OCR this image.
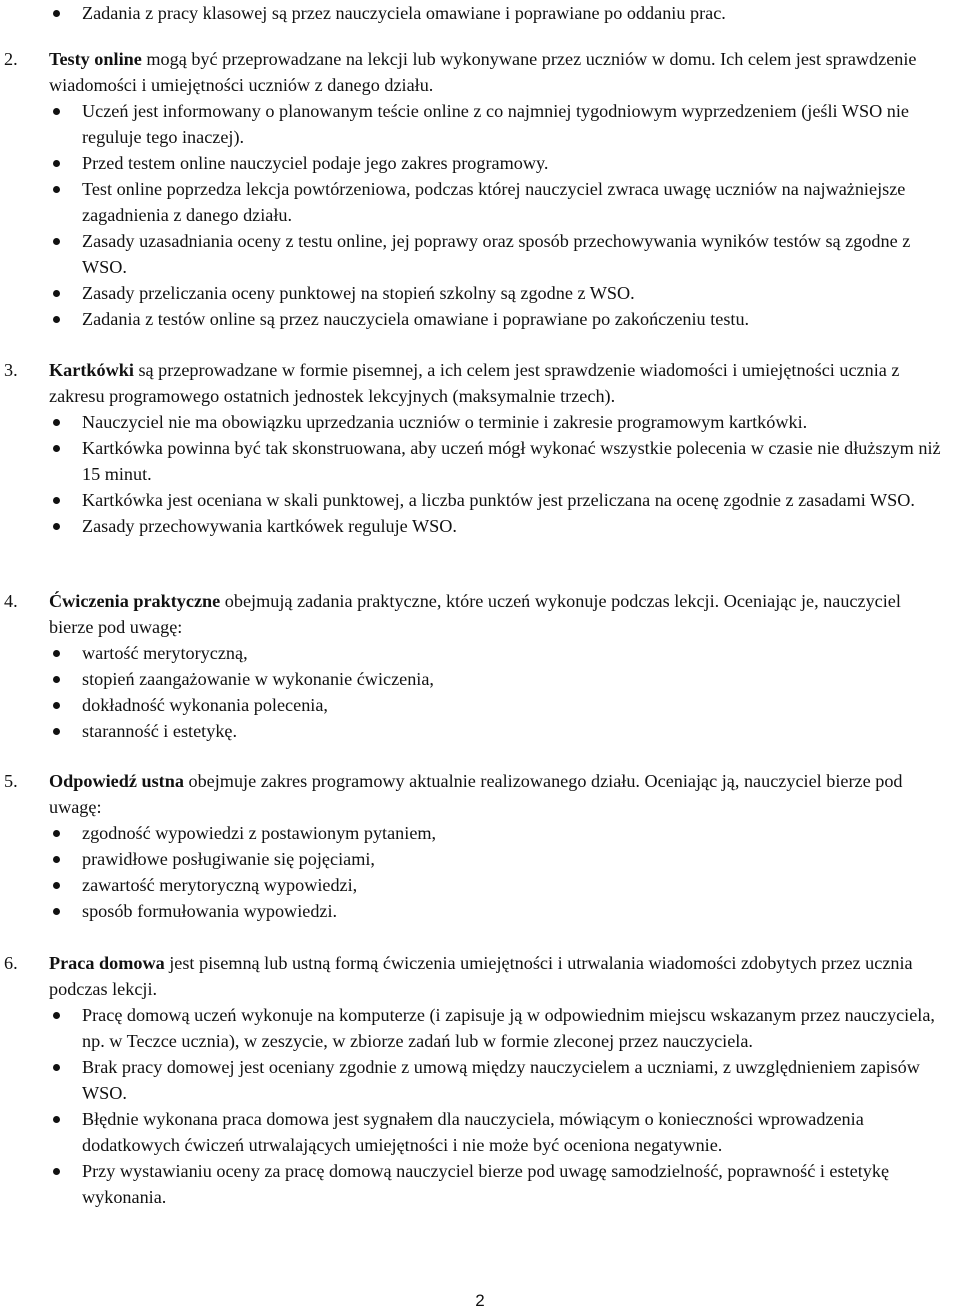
Zadania z pracy klasowej są przez nauczyciela omawiane i poprawiane po oddaniu prac.
2. Testy online mogą być przeprowadzane na lekcji lub wykonywane przez uczniów w domu. Ich celem jest sprawdzenie wiadomości i umiejętności uczniów z danego działu.
Uczeń jest informowany o planowanym teście online z co najmniej tygodniowym wyprzedzeniem (jeśli WSO nie reguluje tego inaczej).
Przed testem online nauczyciel podaje jego zakres programowy.
Test online poprzedza lekcja powtórzeniowa, podczas której nauczyciel zwraca uwagę uczniów na najważniejsze zagadnienia z danego działu.
Zasady uzasadniania oceny z testu online, jej poprawy oraz sposób przechowywania wyników testów są zgodne z WSO.
Zasady przeliczania oceny punktowej na stopień szkolny są zgodne z WSO.
Zadania z testów online są przez nauczyciela omawiane i poprawiane po zakończeniu testu.
3. Kartkówki są przeprowadzane w formie pisemnej, a ich celem jest sprawdzenie wiadomości i umiejętności ucznia z zakresu programowego ostatnich jednostek lekcyjnych (maksymalnie trzech).
Nauczyciel nie ma obowiązku uprzedzania uczniów o terminie i zakresie programowym kartkówki.
Kartkówka powinna być tak skonstruowana, aby uczeń mógł wykonać wszystkie polecenia w czasie nie dłuższym niż 15 minut.
Kartkówka jest oceniana w skali punktowej, a liczba punktów jest przeliczana na ocenę zgodnie z zasadami WSO.
Zasady przechowywania kartkówek reguluje WSO.
4. Ćwiczenia praktyczne obejmują zadania praktyczne, które uczeń wykonuje podczas lekcji. Oceniając je, nauczyciel bierze pod uwagę:
wartość merytoryczną,
stopień zaangażowanie w wykonanie ćwiczenia,
dokładność wykonania polecenia,
staranność i estetykę.
5. Odpowiedź ustna obejmuje zakres programowy aktualnie realizowanego działu. Oceniając ją, nauczyciel bierze pod uwagę:
zgodność wypowiedzi z postawionym pytaniem,
prawidłowe posługiwanie się pojęciami,
zawartość merytoryczną wypowiedzi,
sposób formułowania wypowiedzi.
6. Praca domowa jest pisemną lub ustną formą ćwiczenia umiejętności i utrwalania wiadomości zdobytych przez ucznia podczas lekcji.
Pracę domową uczeń wykonuje na komputerze (i zapisuje ją w odpowiednim miejscu wskazanym przez nauczyciela, np. w Teczce ucznia), w zeszycie, w zbiorze zadań lub w formie zleconej przez nauczyciela.
Brak pracy domowej jest oceniany zgodnie z umową między nauczycielem a uczniami, z uwzględnieniem zapisów WSO.
Błędnie wykonana praca domowa jest sygnałem dla nauczyciela, mówiącym o konieczności wprowadzenia dodatkowych ćwiczeń utrwalających umiejętności i nie może być oceniona negatywnie.
Przy wystawianiu oceny za pracę domową nauczyciel bierze pod uwagę samodzielność, poprawność i estetykę wykonania.
2
